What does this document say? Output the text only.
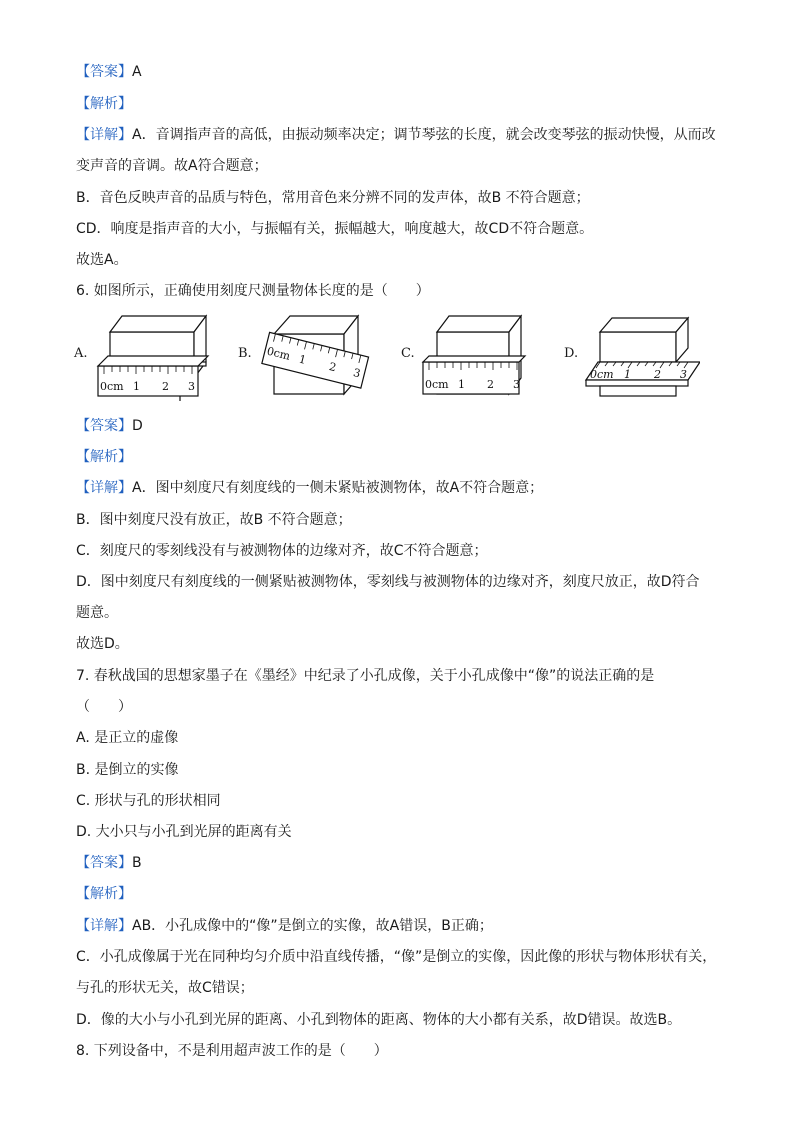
【答案】A
【解析】
【详解】A．音调指声音的高低，由振动频率决定；调节琴弦的长度，就会改变琴弦的振动快慢，从而改
变声音的音调。故A符合题意；
B．音色反映声音的品质与特色，常用音色来分辨不同的发声体，故B 不符合题意；
CD．响度是指声音的大小，与振幅有关，振幅越大，响度越大，故CD不符合题意。
故选A。
6. 如图所示，正确使用刻度尺测量物体长度的是（　　）
A.
0cm 1 2 3
B. 0cm 1
2 3
C.
0cm 1 2 3
D.
0cm 1 2 3
【答案】D
【解析】
【详解】A．图中刻度尺有刻度线的一侧未紧贴被测物体，故A不符合题意；
B．图中刻度尺没有放正，故B 不符合题意；
C．刻度尺的零刻线没有与被测物体的边缘对齐，故C不符合题意；
D．图中刻度尺有刻度线的一侧紧贴被测物体，零刻线与被测物体的边缘对齐，刻度尺放正，故D符合
题意。
故选D。
7. 春秋战国的思想家墨子在《墨经》中纪录了小孔成像，关于小孔成像中“像”的说法正确的是
（　　）
A. 是正立的虚像
B. 是倒立的实像
C. 形状与孔的形状相同
D. 大小只与小孔到光屏的距离有关
【答案】B
【解析】
【详解】AB．小孔成像中的“像”是倒立的实像，故A错误，B正确；
C．小孔成像属于光在同种均匀介质中沿直线传播，“像”是倒立的实像，因此像的形状与物体形状有关，
与孔的形状无关，故C错误；
D．像的大小与小孔到光屏的距离、小孔到物体的距离、物体的大小都有关系，故D错误。故选B。
8. 下列设备中，不是利用超声波工作的是（　　）
